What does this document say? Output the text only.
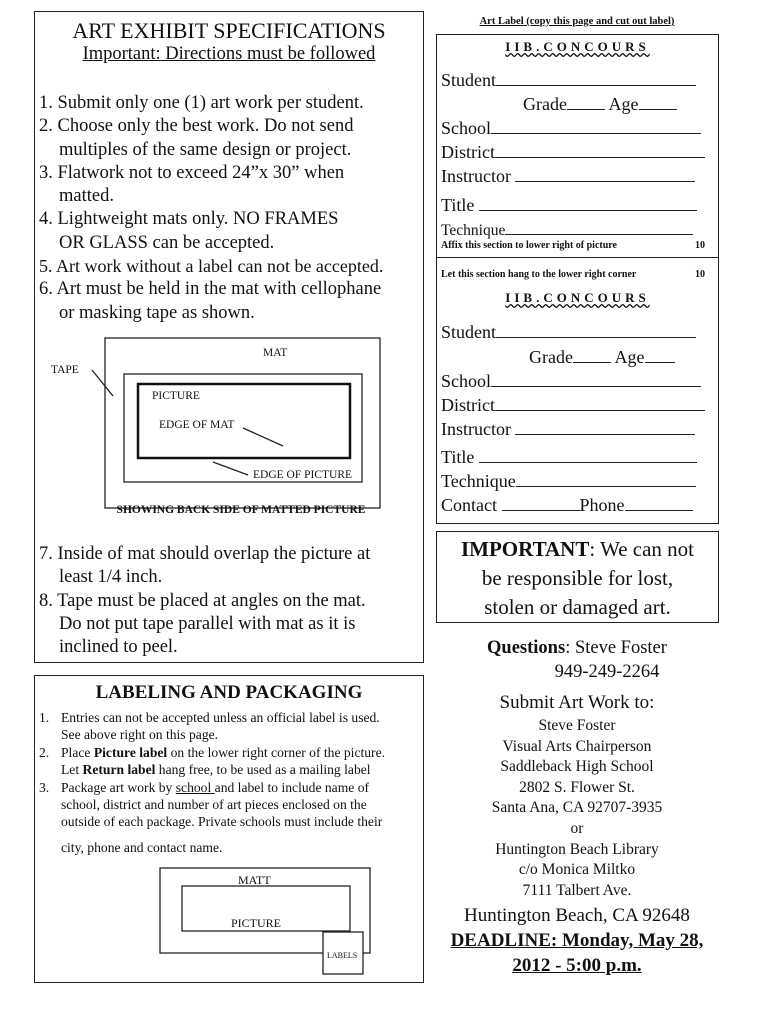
ART EXHIBIT SPECIFICATIONS
Important: Directions must be followed
1. Submit only one (1) art work per student.
2. Choose only the best work. Do not send
multiples of the same design or project.
3. Flatwork not to exceed 24”x 30” when
matted.
4. Lightweight mats only. NO FRAMES
OR GLASS can be accepted.
5. Art work without a label can not be accepted.
6. Art must be held in the mat with cellophane
or masking tape as shown.
TAPE
MAT
PICTURE
EDGE OF MAT
EDGE OF PICTURE
SHOWING BACK SIDE OF MATTED PICTURE
7. Inside of mat should overlap the picture at
least 1/4 inch.
8. Tape must be placed at angles on the mat.
Do not put tape parallel with mat as it is
inclined to peel.
LABELING AND PACKAGING
1. Entries can not be accepted unless an official label is used.
See above right on this page.
2. Place Picture label on the lower right corner of the picture.
Let Return label hang free, to be used as a mailing label
3. Package art work by school and label to include name of
school, district and number of art pieces enclosed on the
outside of each package. Private schools must include their
city, phone and contact name.
MATT
PICTURE
LABELS
Art Label (copy this page and cut out label)
IIB.CONCOURS
Student
Grade Age
School
District
Instructor
Title
Technique
Affix this section to lower right of picture	10
Let this section hang to the lower right corner	10
IIB.CONCOURS
Student
Grade Age
School
District
Instructor
Title
Technique
Contact	Phone
IMPORTANT: We can not
be responsible for lost,
stolen or damaged art.
Questions: Steve Foster
949-249-2264
Submit Art Work to:
Steve Foster
Visual Arts Chairperson
Saddleback High School
2802 S. Flower St.
Santa Ana, CA 92707-3935
or
Huntington Beach Library
c/o Monica Miltko
7111 Talbert Ave.
Huntington Beach, CA 92648
DEADLINE: Monday, May 28,
2012 - 5:00 p.m.
